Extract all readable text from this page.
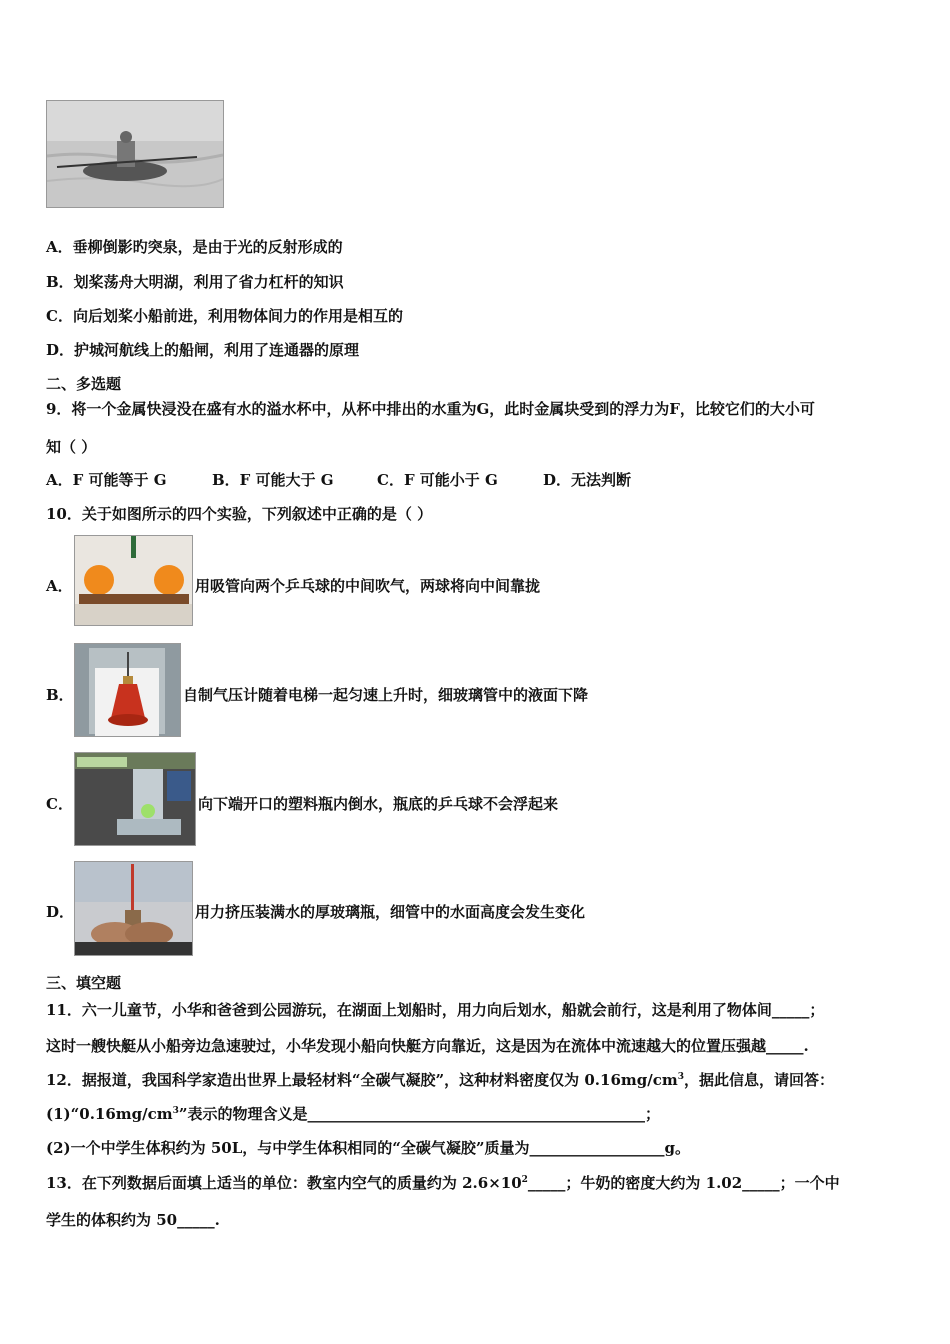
A．垂柳倒影旳突泉，是由于光的反射形成的
B．划桨荡舟大明湖，利用了省力杠杆的知识
C．向后划桨小船前进，利用物体间力的作用是相互的
D．护城河航线上的船闸，利用了连通器的原理
二、多选题
9．将一个金属快浸没在盛有水的溢水杯中，从杯中排出的水重为G，此时金属块受到的浮力为F，比较它们的大小可
知（ ）
A．F 可能等于 G	B．F 可能大于 G	C．F 可能小于 G	D．无法判断
10．关于如图所示的四个实验，下列叙述中正确的是（ ）
A．	用吸管向两个乒乓球的中间吹气，两球将向中间靠拢
B．	自制气压计随着电梯一起匀速上升时，细玻璃管中的液面下降
C．	向下端开口的塑料瓶内倒水，瓶底的乒乓球不会浮起来
D．	用力挤压装满水的厚玻璃瓶，细管中的水面高度会发生变化
三、填空题
11．六一儿童节，小华和爸爸到公园游玩，在湖面上划船时，用力向后划水，船就会前行，这是利用了物体间_____；
这时一艘快艇从小船旁边急速驶过，小华发现小船向快艇方向靠近，这是因为在流体中流速越大的位置压强越_____.
12．据报道，我国科学家造出世界上最轻材料“全碳气凝胶”，这种材料密度仅为 $0.16mg/cm^3$，据此信息，请回答：
$(1)“0.16mg/cm^3$”表示的物理含义是_____________________________________________；
(2)一个中学生体积约为 50L，与中学生体积相同的“全碳气凝胶”质量为__________________g。
13．在下列数据后面填上适当的单位：教室内空气的质量约为 $2.6\times 10^2\_\_\_\_\_$；牛奶的密度大约为 1.02_____；一个中
学生的体积约为 50_____.
